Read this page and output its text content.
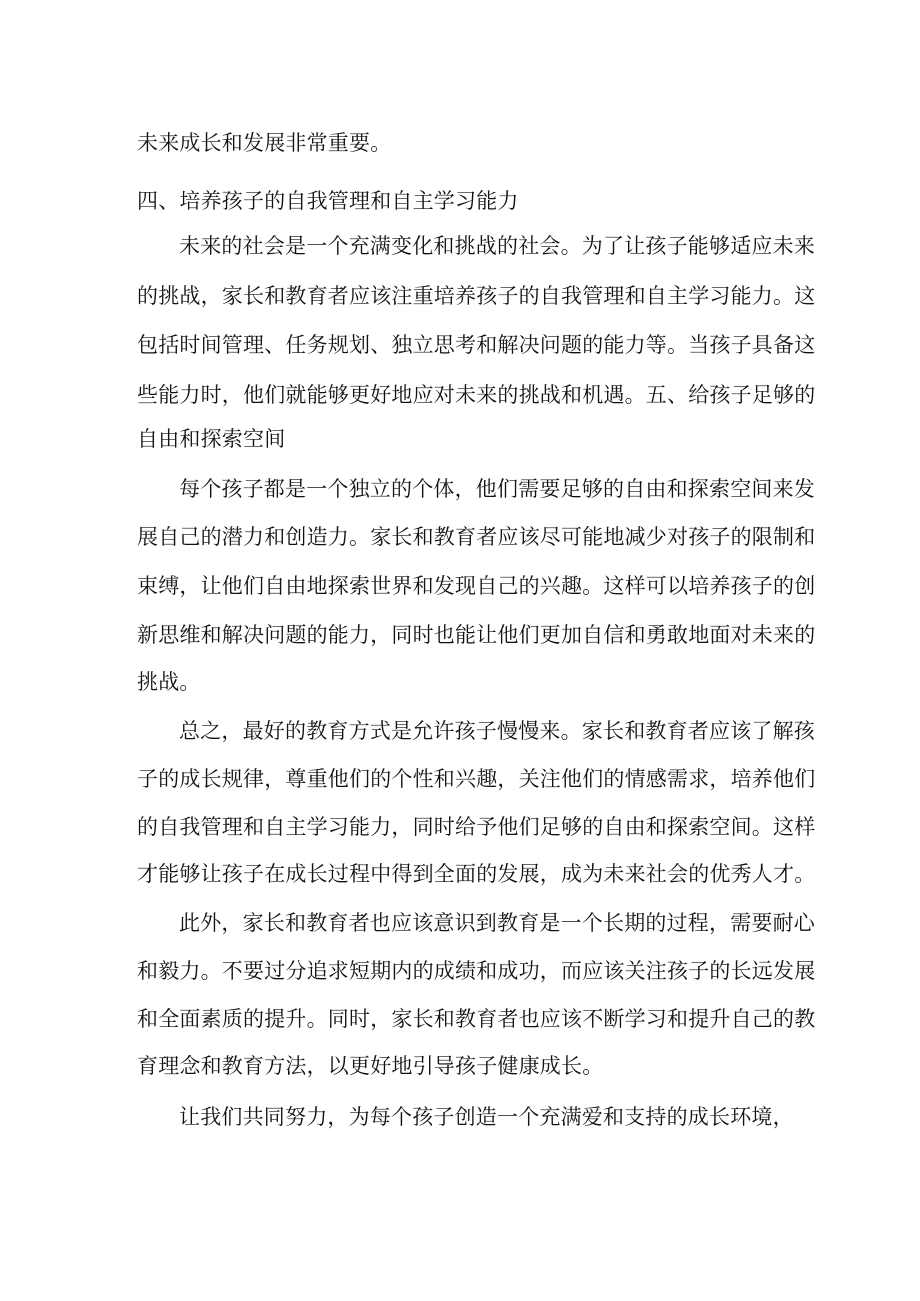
未来成长和发展非常重要。
四、培养孩子的自我管理和自主学习能力
未来的社会是一个充满变化和挑战的社会。为了让孩子能够适应未来
的挑战，家长和教育者应该注重培养孩子的自我管理和自主学习能力。这
包括时间管理、任务规划、独立思考和解决问题的能力等。当孩子具备这
些能力时，他们就能够更好地应对未来的挑战和机遇。五、给孩子足够的
自由和探索空间
每个孩子都是一个独立的个体，他们需要足够的自由和探索空间来发
展自己的潜力和创造力。家长和教育者应该尽可能地减少对孩子的限制和
束缚，让他们自由地探索世界和发现自己的兴趣。这样可以培养孩子的创
新思维和解决问题的能力，同时也能让他们更加自信和勇敢地面对未来的
挑战。
总之，最好的教育方式是允许孩子慢慢来。家长和教育者应该了解孩
子的成长规律，尊重他们的个性和兴趣，关注他们的情感需求，培养他们
的自我管理和自主学习能力，同时给予他们足够的自由和探索空间。这样
才能够让孩子在成长过程中得到全面的发展，成为未来社会的优秀人才。
此外，家长和教育者也应该意识到教育是一个长期的过程，需要耐心
和毅力。不要过分追求短期内的成绩和成功，而应该关注孩子的长远发展
和全面素质的提升。同时，家长和教育者也应该不断学习和提升自己的教
育理念和教育方法，以更好地引导孩子健康成长。
让我们共同努力，为每个孩子创造一个充满爱和支持的成长环境，
